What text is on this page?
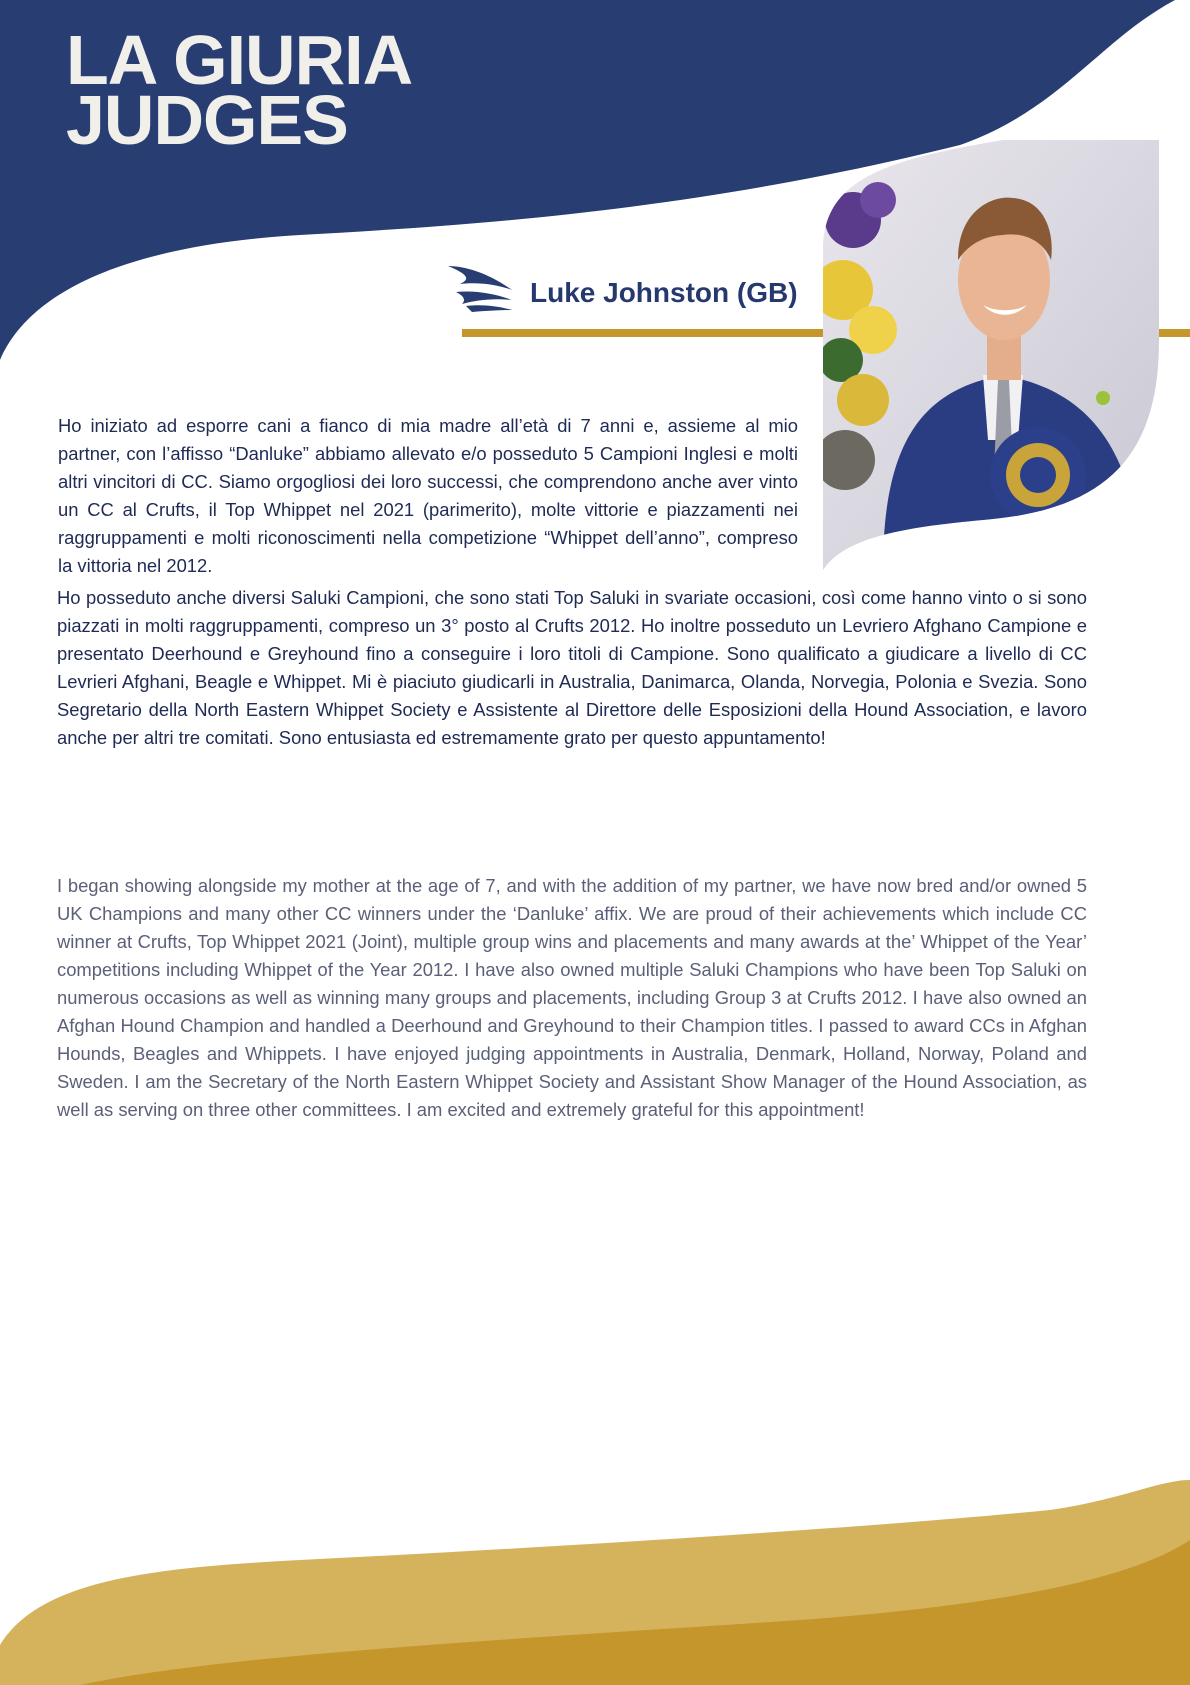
LA GIURIA
JUDGES
Luke Johnston (GB)

Ho iniziato ad esporre cani a fianco di mia madre all’età di 7 anni e, assieme al mio partner, con l’affisso “Danluke” abbiamo allevato e/o posseduto 5 Campioni Inglesi e molti altri vincitori di CC. Siamo orgogliosi dei loro successi, che comprendono anche aver vinto un CC al Crufts, il Top Whippet nel 2021 (parimerito), molte vittorie e piazzamenti nei raggruppamenti e molti riconoscimenti nella competizione “Whippet dell’anno”, compreso la vittoria nel 2012.

Ho posseduto anche diversi Saluki Campioni, che sono stati Top Saluki in svariate occasioni, così come hanno vinto o si sono piazzati in molti raggruppamenti, compreso un 3° posto al Crufts 2012. Ho inoltre posseduto un Levriero Afghano Campione e presentato Deerhound e Greyhound fino a conseguire i loro titoli di Campione. Sono qualificato a giudicare a livello di CC Levrieri Afghani, Beagle e Whippet. Mi è piaciuto giudicarli in Australia, Danimarca, Olanda, Norvegia, Polonia e Svezia. Sono Segretario della North Eastern Whippet Society e Assistente al Direttore delle Esposizioni della Hound Association, e lavoro anche per altri tre comitati. Sono entusiasta ed estremamente grato per questo appuntamento!

I began showing alongside my mother at the age of 7, and with the addition of my partner, we have now bred and/or owned 5 UK Champions and many other CC winners under the ‘Danluke’ affix. We are proud of their achievements which include CC winner at Crufts, Top Whippet 2021 (Joint), multiple group wins and placements and many awards at the’ Whippet of the Year’ competitions including Whippet of the Year 2012. I have also owned multiple Saluki Champions who have been Top Saluki on numerous occasions as well as winning many groups and placements, including Group 3 at Crufts 2012. I have also owned an Afghan Hound Champion and handled a Deerhound and Greyhound to their Champion titles. I passed to award CCs in Afghan Hounds, Beagles and Whippets. I have enjoyed judging appointments in Australia, Denmark, Holland, Norway, Poland and Sweden. I am the Secretary of the North Eastern Whippet Society and Assistant Show Manager of the Hound Association, as well as serving on three other committees. I am excited and extremely grateful for this appointment!
